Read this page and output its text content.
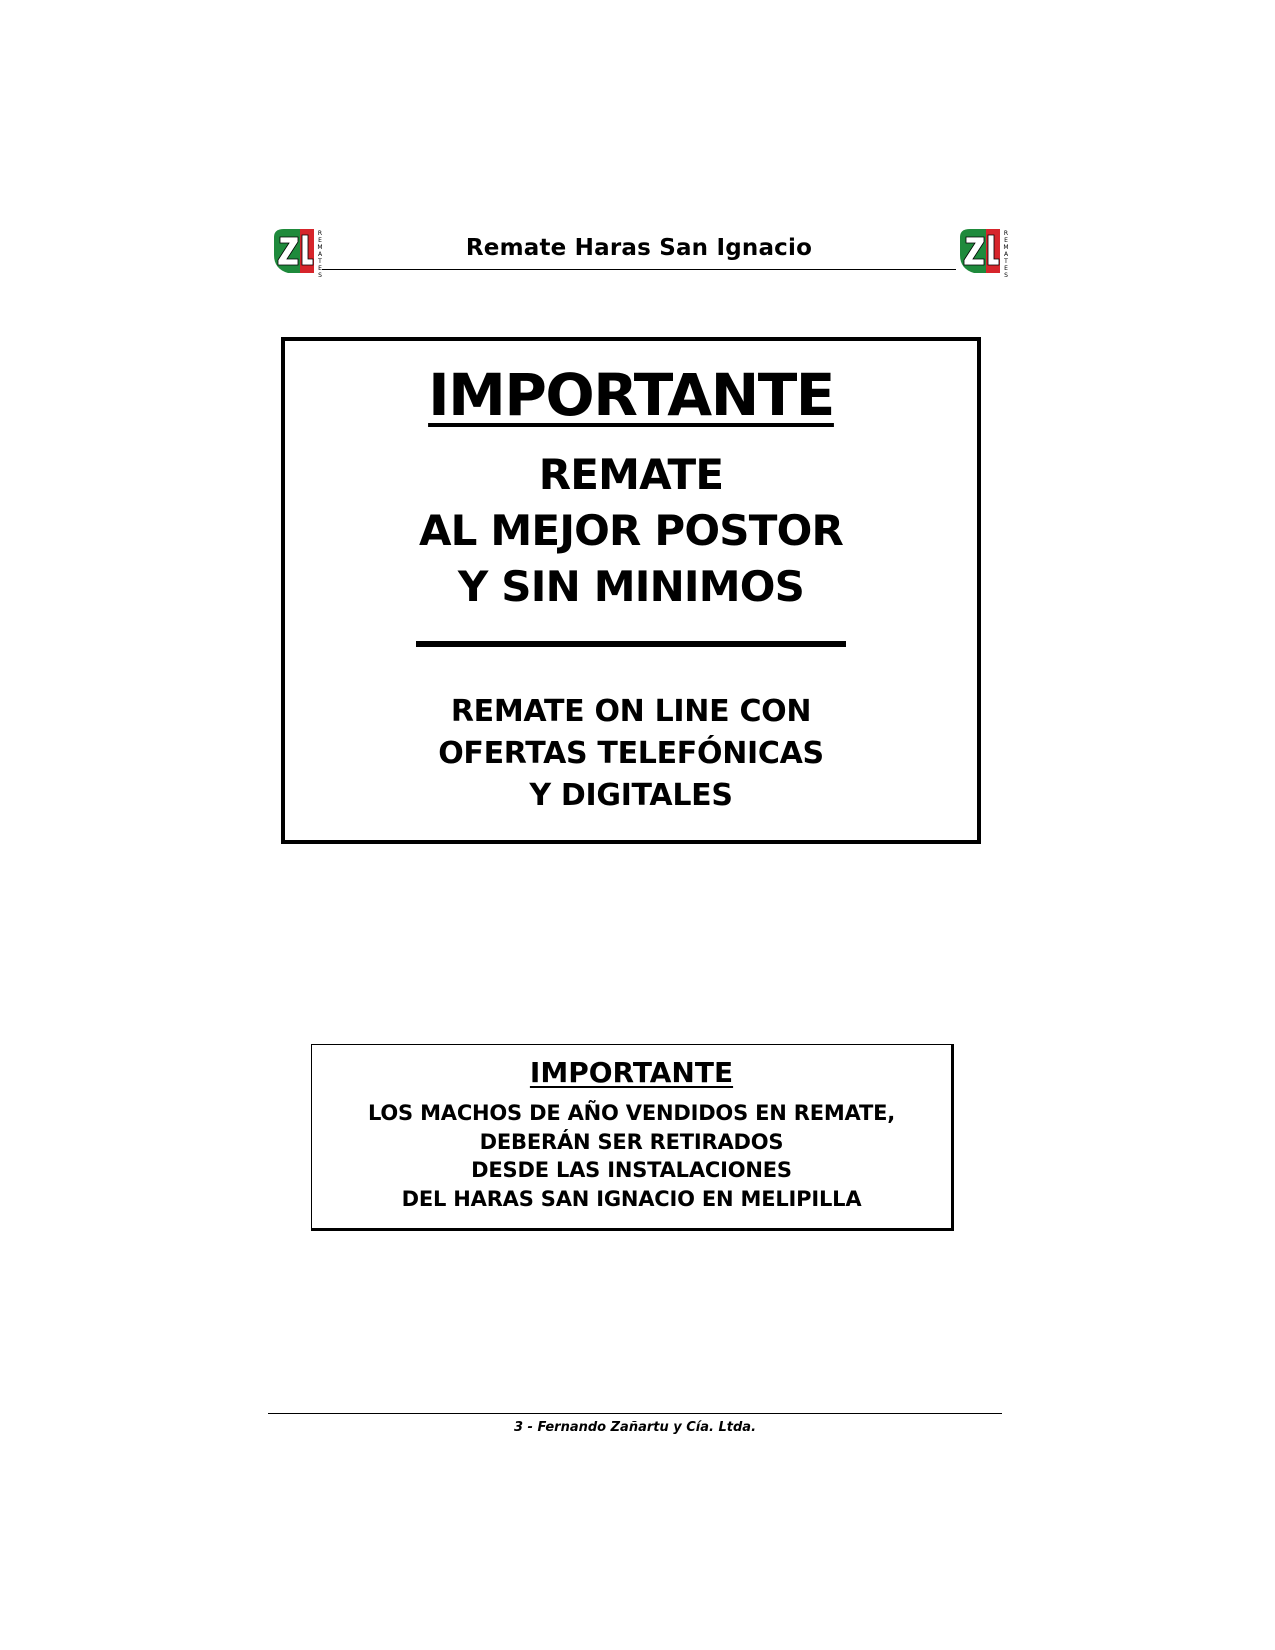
R
E
M
A
T
E
S
Remate Haras San Ignacio
R
E
M
A
T
E
S
IMPORTANTE
REMATE
AL MEJOR POSTOR
Y SIN MINIMOS
REMATE ON LINE CON
OFERTAS TELEFÓNICAS
Y DIGITALES
IMPORTANTE
LOS MACHOS DE AÑO VENDIDOS EN REMATE,
DEBERÁN SER RETIRADOS
DESDE LAS INSTALACIONES
DEL HARAS SAN IGNACIO EN MELIPILLA
3 - Fernando Zañartu y Cía. Ltda.
